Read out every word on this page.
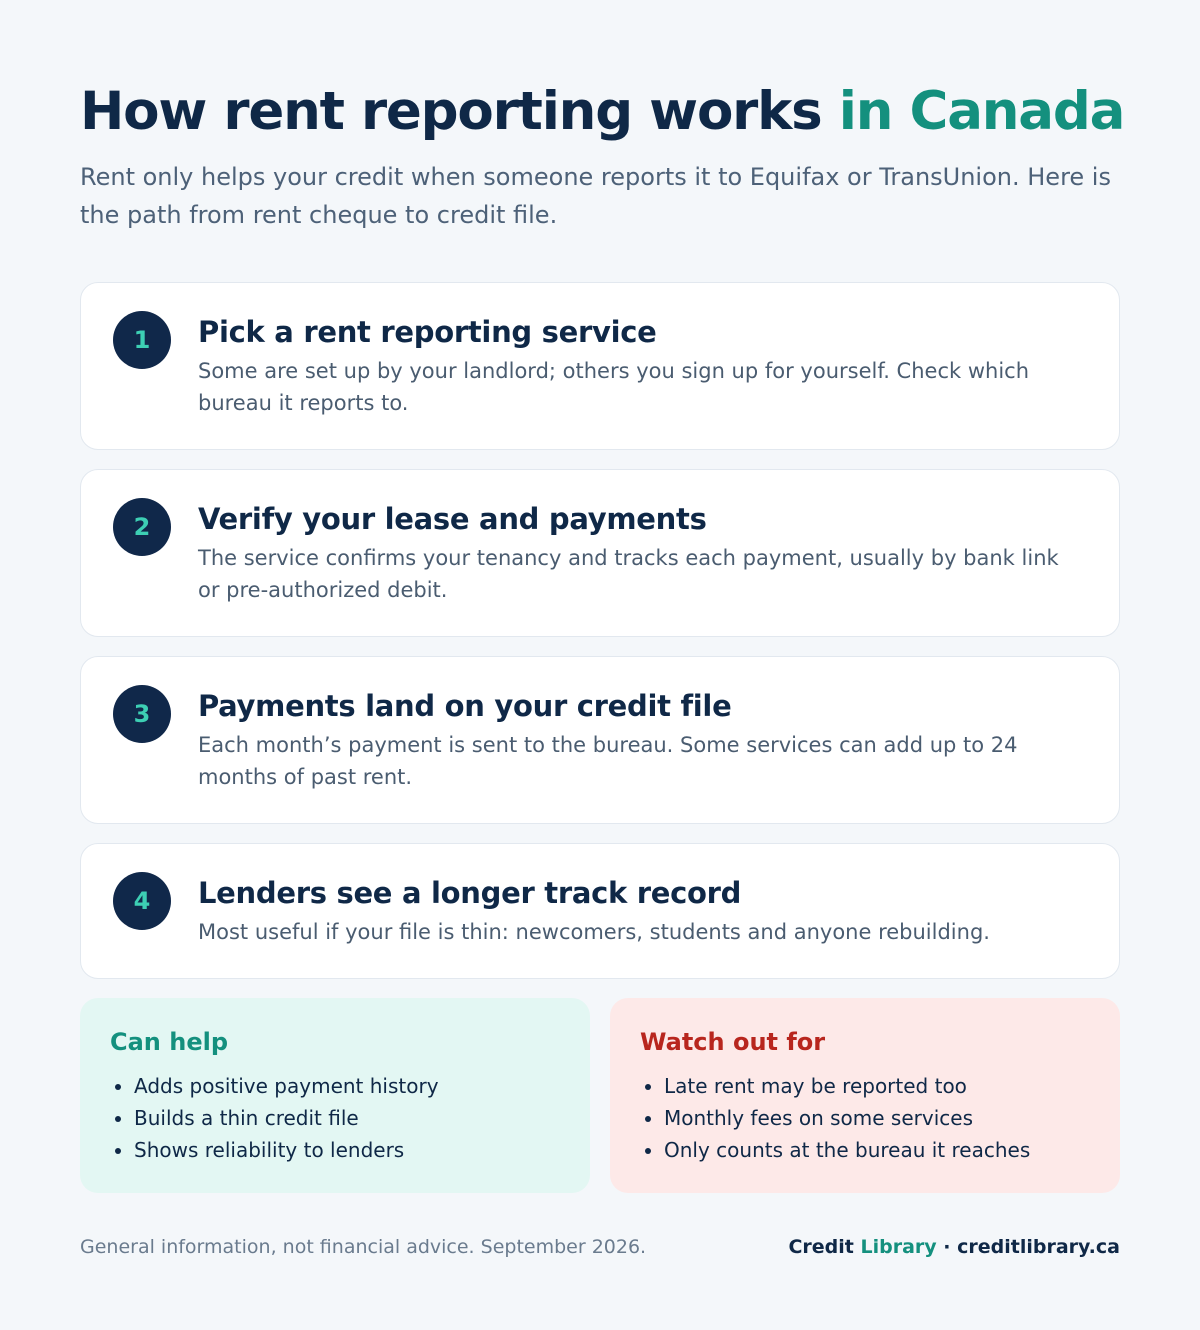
How rent reporting works in Canada

Rent only helps your credit when someone reports it to Equifax or TransUnion. Here is the path from rent cheque to credit file.

1	Pick a rent reporting service

Some are set up by your landlord; others you sign up for yourself. Check which bureau it reports to.

2	Verify your lease and payments

The service confirms your tenancy and tracks each payment, usually by bank link or pre-authorized debit.

3	Payments land on your credit file

Each month’s payment is sent to the bureau. Some services can add up to 24 months of past rent.

4	Lenders see a longer track record

Most useful if your file is thin: newcomers, students and anyone rebuilding.

Can help
• Adds positive payment history
• Builds a thin credit file
• Shows reliability to lenders
Watch out for
• Late rent may be reported too
• Monthly fees on some services
• Only counts at the bureau it reaches
General information, not financial advice. September 2026.	Credit Library · creditlibrary.ca
